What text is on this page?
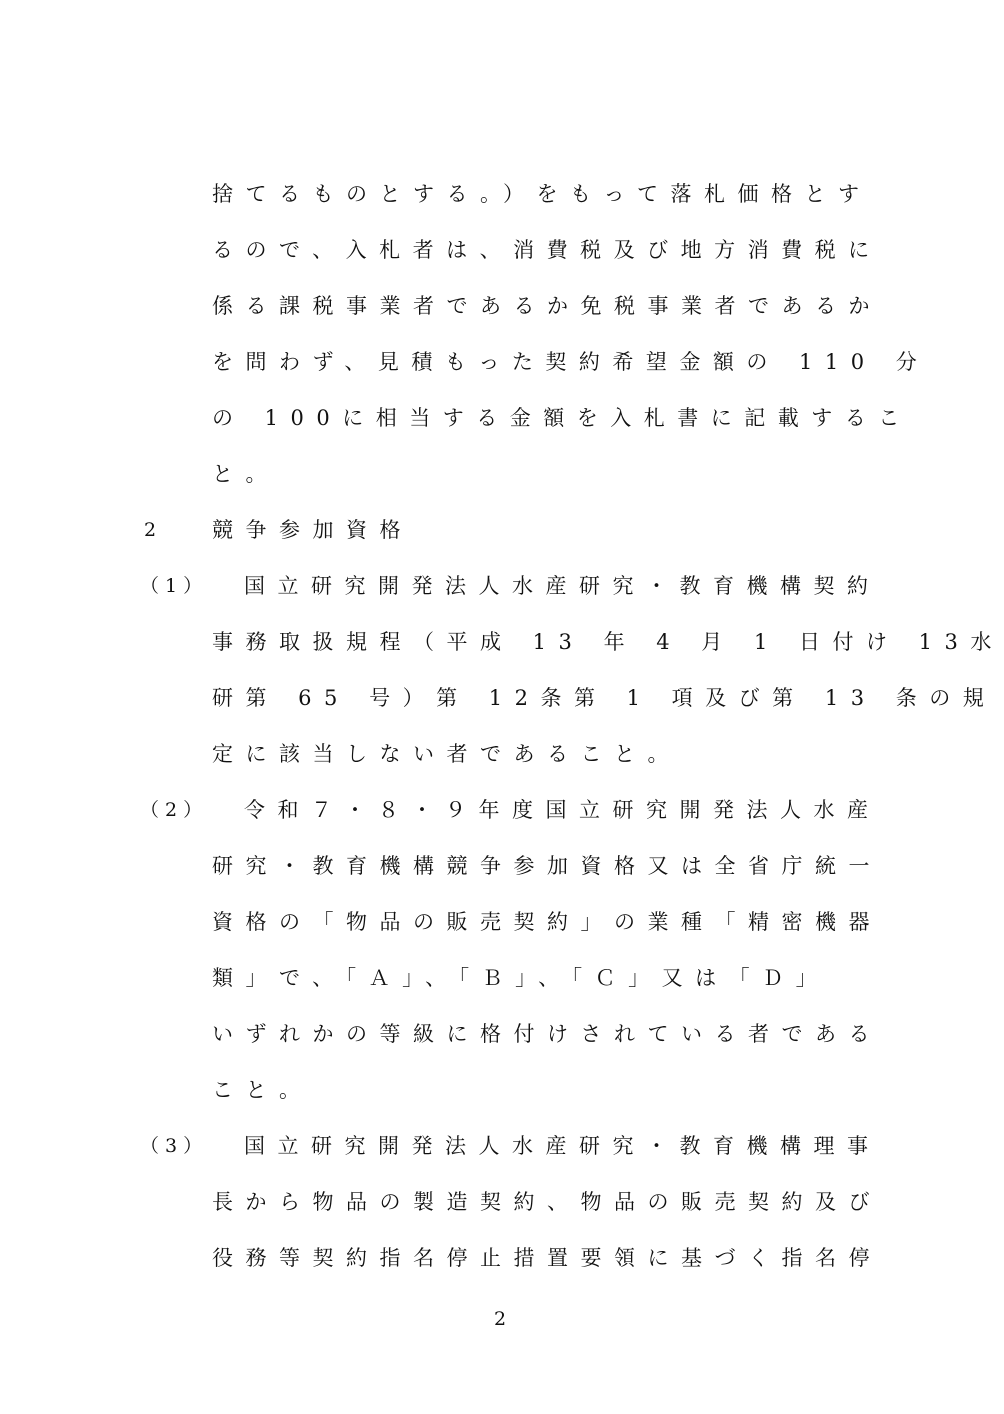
捨てるものとする。）をもって落札価格とす
るので、入札者は、消費税及び地方消費税に
係る課税事業者であるか免税事業者であるか
を問わず、見積もった契約希望金額の 110 分
の 100に相当する金額を入札書に記載するこ
と。
2 競争参加資格
（1） 国立研究開発法人水産研究・教育機構契約
事務取扱規程（平成 13 年 4 月 1 日付け 13水
研第 65 号）第 12条第 1 項及び第 13 条の規
定に該当しない者であること。
（2） 令和７・８・９年度国立研究開発法人水産
研究・教育機構競争参加資格又は全省庁統一
資格の「物品の販売契約」の業種「精密機器
類」で、「Ａ」、「Ｂ」、「Ｃ」又は「Ｄ」
いずれかの等級に格付けされている者である
こと。
（3） 国立研究開発法人水産研究・教育機構理事
長から物品の製造契約、物品の販売契約及び
役務等契約指名停止措置要領に基づく指名停
2
